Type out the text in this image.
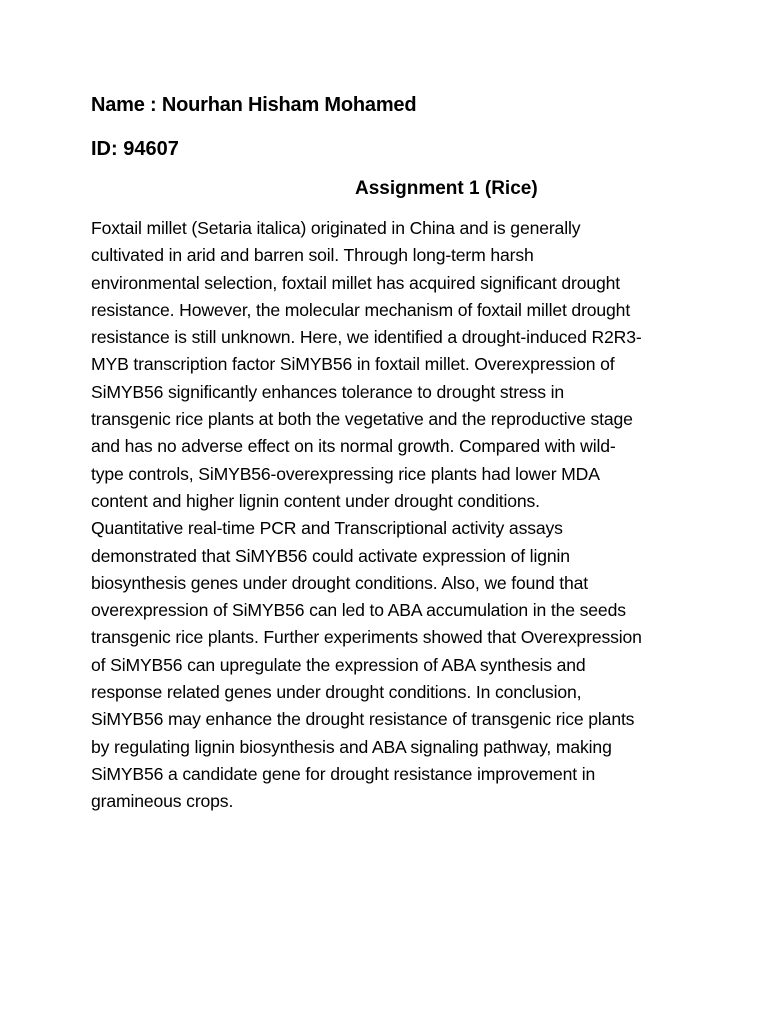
Name : Nourhan Hisham Mohamed
ID: 94607
Assignment 1 (Rice)
Foxtail millet (Setaria italica) originated in China and is generally
cultivated in arid and barren soil. Through long-term harsh
environmental selection, foxtail millet has acquired significant drought
resistance. However, the molecular mechanism of foxtail millet drought
resistance is still unknown. Here, we identified a drought-induced R2R3-
MYB transcription factor SiMYB56 in foxtail millet. Overexpression of
SiMYB56 significantly enhances tolerance to drought stress in
transgenic rice plants at both the vegetative and the reproductive stage
and has no adverse effect on its normal growth. Compared with wild-
type controls, SiMYB56-overexpressing rice plants had lower MDA
content and higher lignin content under drought conditions.
Quantitative real-time PCR and Transcriptional activity assays
demonstrated that SiMYB56 could activate expression of lignin
biosynthesis genes under drought conditions. Also, we found that
overexpression of SiMYB56 can led to ABA accumulation in the seeds
transgenic rice plants. Further experiments showed that Overexpression
of SiMYB56 can upregulate the expression of ABA synthesis and
response related genes under drought conditions. In conclusion,
SiMYB56 may enhance the drought resistance of transgenic rice plants
by regulating lignin biosynthesis and ABA signaling pathway, making
SiMYB56 a candidate gene for drought resistance improvement in
gramineous crops.
